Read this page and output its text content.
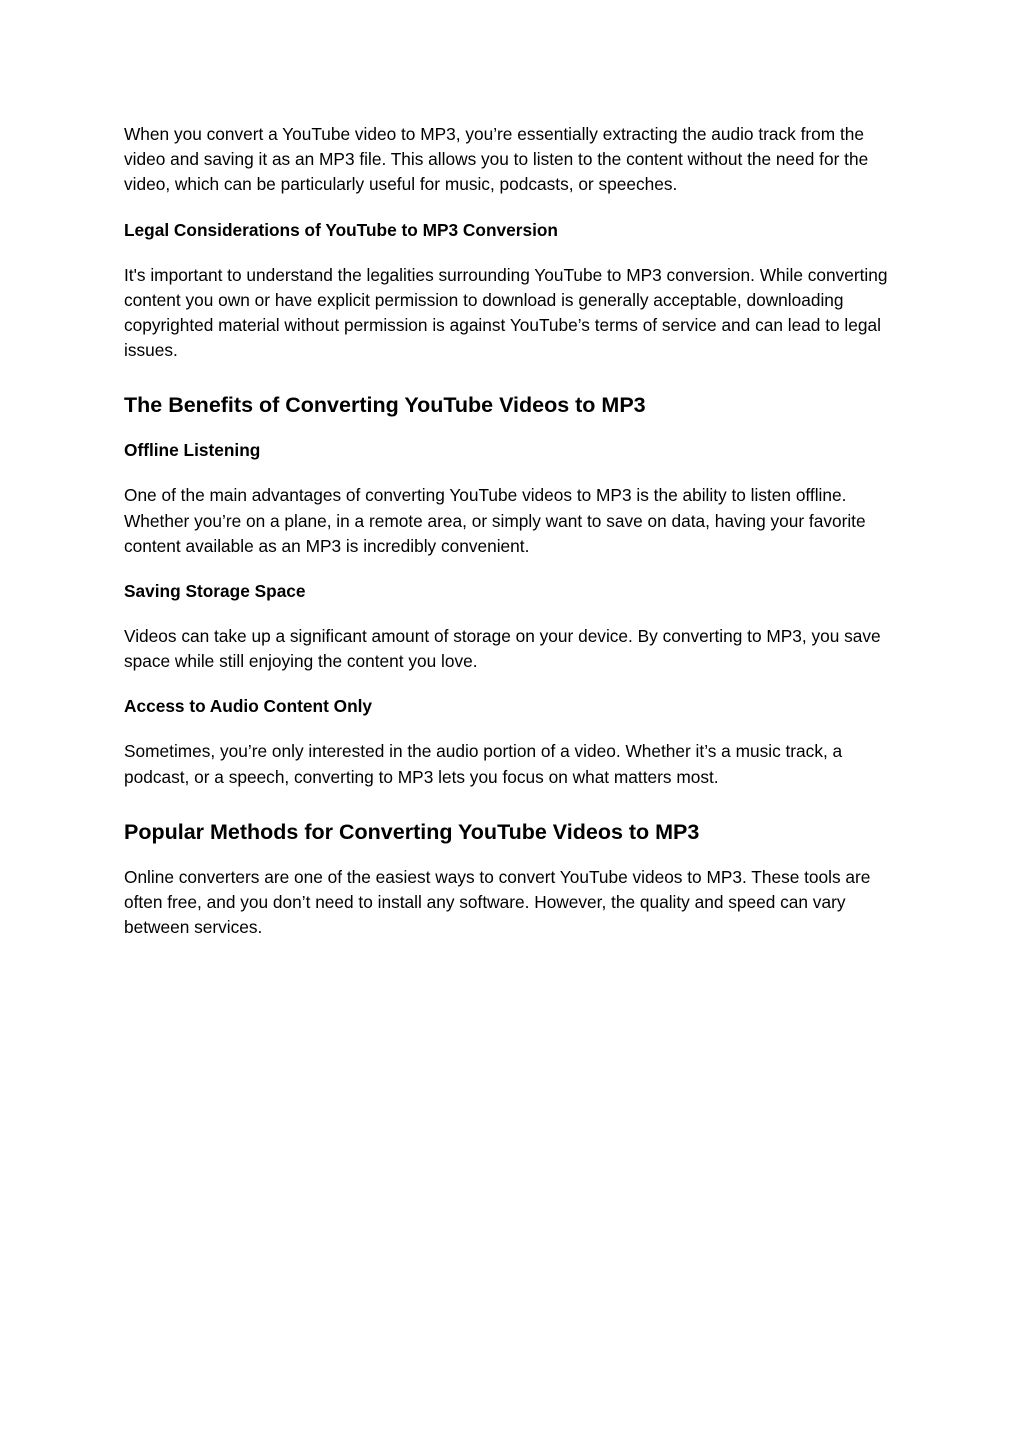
When you convert a YouTube video to MP3, you’re essentially extracting the audio track from the video and saving it as an MP3 file. This allows you to listen to the content without the need for the video, which can be particularly useful for music, podcasts, or speeches.

Legal Considerations of YouTube to MP3 Conversion

It's important to understand the legalities surrounding YouTube to MP3 conversion. While converting content you own or have explicit permission to download is generally acceptable, downloading copyrighted material without permission is against YouTube’s terms of service and can lead to legal issues.

The Benefits of Converting YouTube Videos to MP3
Offline Listening

One of the main advantages of converting YouTube videos to MP3 is the ability to listen offline. Whether you’re on a plane, in a remote area, or simply want to save on data, having your favorite content available as an MP3 is incredibly convenient.

Saving Storage Space

Videos can take up a significant amount of storage on your device. By converting to MP3, you save space while still enjoying the content you love.

Access to Audio Content Only

Sometimes, you’re only interested in the audio portion of a video. Whether it’s a music track, a podcast, or a speech, converting to MP3 lets you focus on what matters most.

Popular Methods for Converting YouTube Videos to MP3

Online converters are one of the easiest ways to convert YouTube videos to MP3. These tools are often free, and you don’t need to install any software. However, the quality and speed can vary between services.
